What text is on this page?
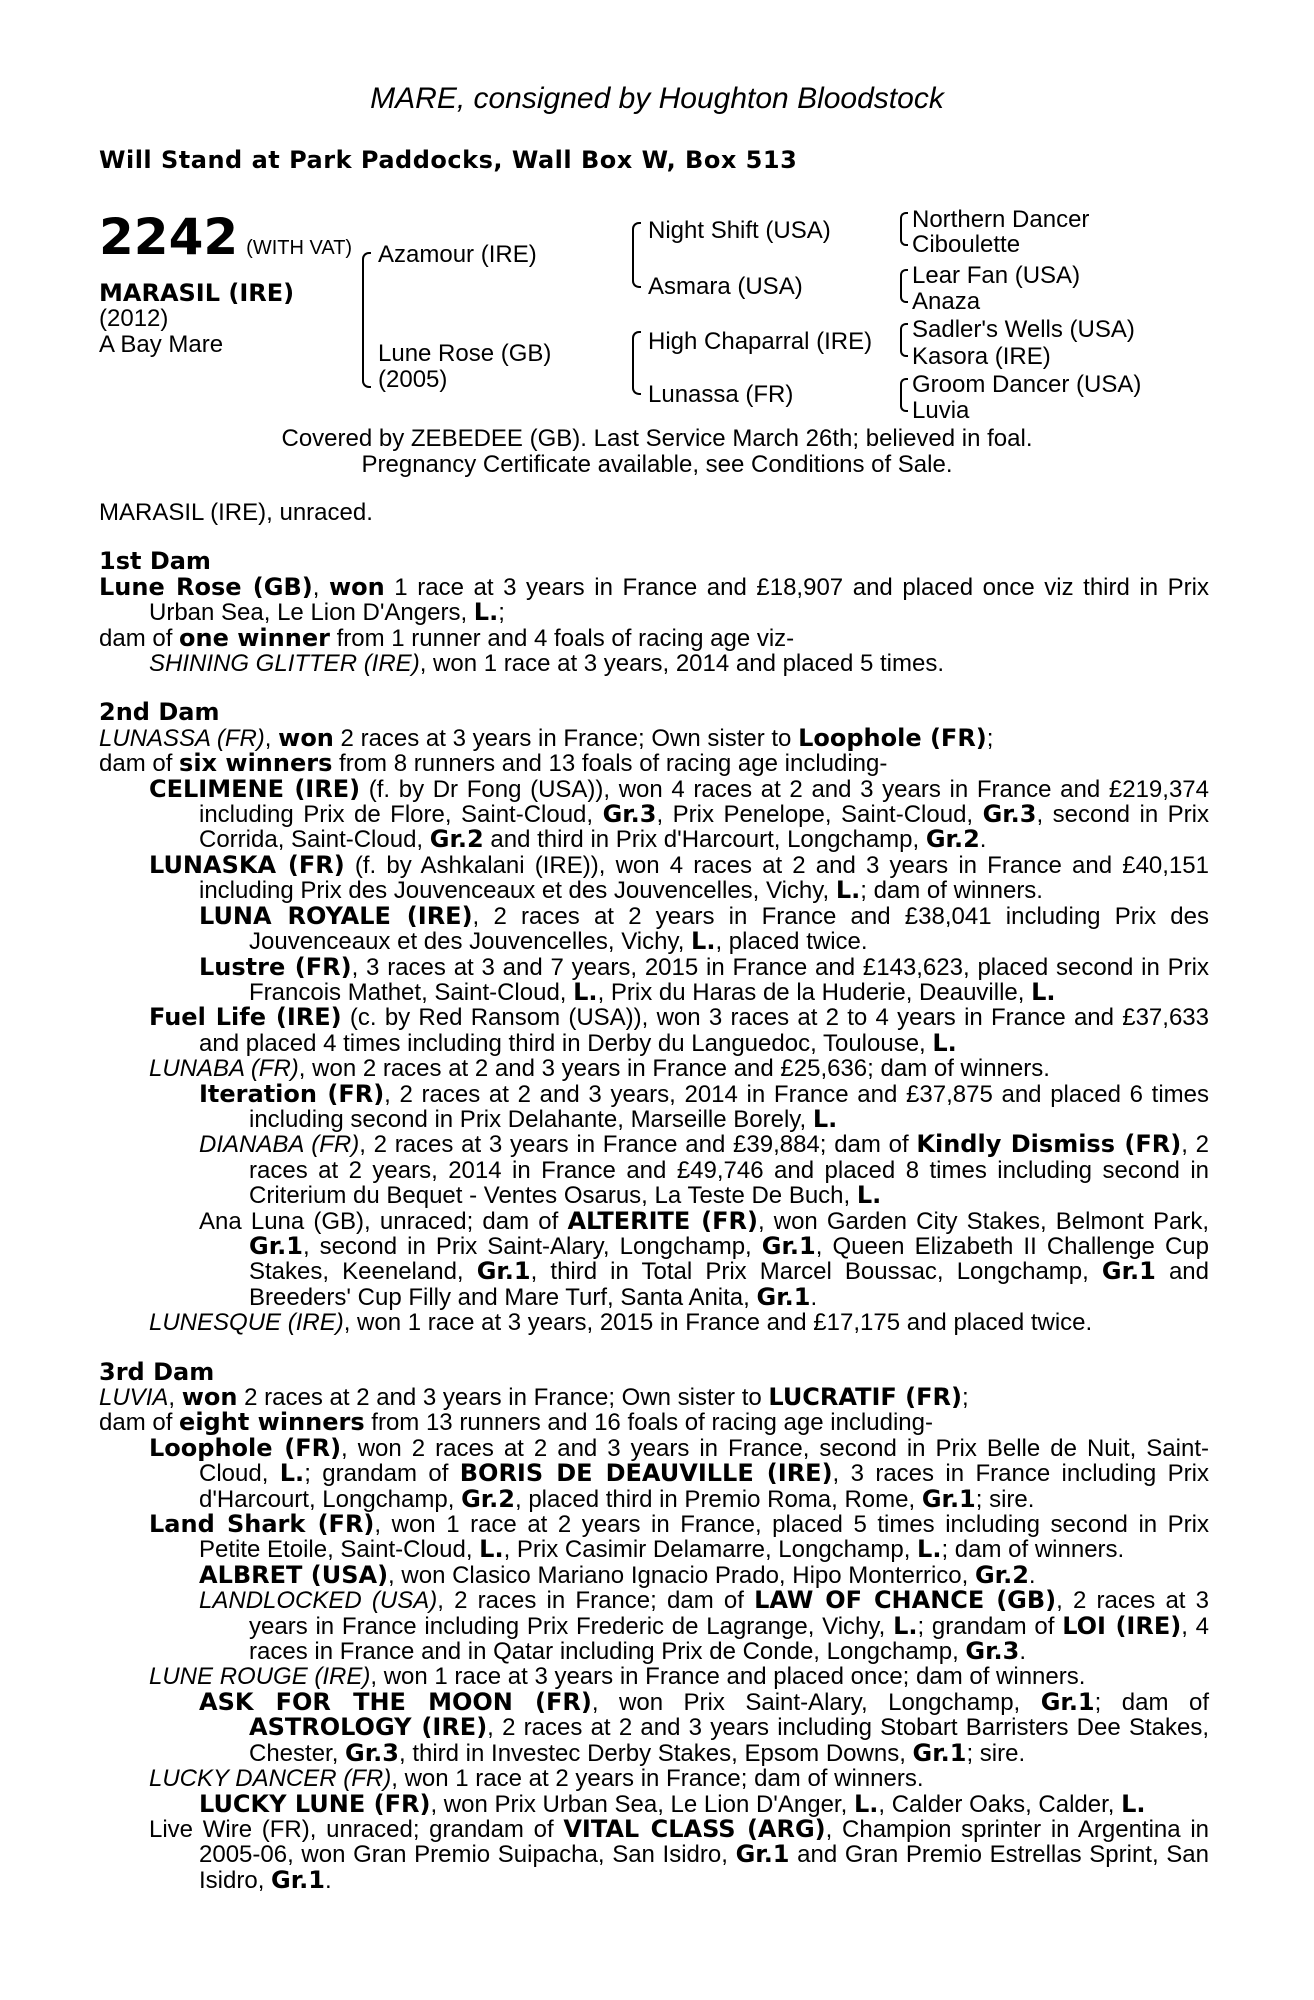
MARE, consigned by Houghton Bloodstock
Will Stand at Park Paddocks, Wall Box W, Box 513
2242 (WITH VAT)
MARASIL (IRE)
(2012)
A Bay Mare
Azamour (IRE)
Lune Rose (GB)
(2005)
Night Shift (USA)
Asmara (USA)
High Chaparral (IRE)
Lunassa (FR)
Northern Dancer
Ciboulette
Lear Fan (USA)
Anaza
Sadler's Wells (USA)
Kasora (IRE)
Groom Dancer (USA)
Luvia
Covered by ZEBEDEE (GB). Last Service March 26th; believed in foal.
Pregnancy Certificate available, see Conditions of Sale.

MARASIL (IRE), unraced.

1st Dam

Lune Rose (GB), won 1 race at 3 years in France and £18,907 and placed once viz third in Prix Urban Sea, Le Lion D'Angers, L.;

dam of one winner from 1 runner and 4 foals of racing age viz-

SHINING GLITTER (IRE), won 1 race at 3 years, 2014 and placed 5 times.

2nd Dam

LUNASSA (FR), won 2 races at 3 years in France; Own sister to Loophole (FR);

dam of six winners from 8 runners and 13 foals of racing age including-

CELIMENE (IRE) (f. by Dr Fong (USA)), won 4 races at 2 and 3 years in France and £219,374 including Prix de Flore, Saint-Cloud, Gr.3, Prix Penelope, Saint-Cloud, Gr.3, second in Prix Corrida, Saint-Cloud, Gr.2 and third in Prix d'Harcourt, Longchamp, Gr.2.

LUNASKA (FR) (f. by Ashkalani (IRE)), won 4 races at 2 and 3 years in France and £40,151 including Prix des Jouvenceaux et des Jouvencelles, Vichy, L.; dam of winners.

LUNA ROYALE (IRE), 2 races at 2 years in France and £38,041 including Prix des Jouvenceaux et des Jouvencelles, Vichy, L., placed twice.

Lustre (FR), 3 races at 3 and 7 years, 2015 in France and £143,623, placed second in Prix Francois Mathet, Saint-Cloud, L., Prix du Haras de la Huderie, Deauville, L.

Fuel Life (IRE) (c. by Red Ransom (USA)), won 3 races at 2 to 4 years in France and £37,633 and placed 4 times including third in Derby du Languedoc, Toulouse, L.

LUNABA (FR), won 2 races at 2 and 3 years in France and £25,636; dam of winners.

Iteration (FR), 2 races at 2 and 3 years, 2014 in France and £37,875 and placed 6 times including second in Prix Delahante, Marseille Borely, L.

DIANABA (FR), 2 races at 3 years in France and £39,884; dam of Kindly Dismiss (FR), 2 races at 2 years, 2014 in France and £49,746 and placed 8 times including second in Criterium du Bequet - Ventes Osarus, La Teste De Buch, L.

Ana Luna (GB), unraced; dam of ALTERITE (FR), won Garden City Stakes, Belmont Park, Gr.1, second in Prix Saint-Alary, Longchamp, Gr.1, Queen Elizabeth II Challenge Cup Stakes, Keeneland, Gr.1, third in Total Prix Marcel Boussac, Longchamp, Gr.1 and Breeders' Cup Filly and Mare Turf, Santa Anita, Gr.1.

LUNESQUE (IRE), won 1 race at 3 years, 2015 in France and £17,175 and placed twice.

3rd Dam

LUVIA, won 2 races at 2 and 3 years in France; Own sister to LUCRATIF (FR);

dam of eight winners from 13 runners and 16 foals of racing age including-

Loophole (FR), won 2 races at 2 and 3 years in France, second in Prix Belle de Nuit, Saint-Cloud, L.; grandam of BORIS DE DEAUVILLE (IRE), 3 races in France including Prix d'Harcourt, Longchamp, Gr.2, placed third in Premio Roma, Rome, Gr.1; sire.

Land Shark (FR), won 1 race at 2 years in France, placed 5 times including second in Prix Petite Etoile, Saint-Cloud, L., Prix Casimir Delamarre, Longchamp, L.; dam of winners.

ALBRET (USA), won Clasico Mariano Ignacio Prado, Hipo Monterrico, Gr.2.

LANDLOCKED (USA), 2 races in France; dam of LAW OF CHANCE (GB), 2 races at 3 years in France including Prix Frederic de Lagrange, Vichy, L.; grandam of LOI (IRE), 4 races in France and in Qatar including Prix de Conde, Longchamp, Gr.3.

LUNE ROUGE (IRE), won 1 race at 3 years in France and placed once; dam of winners.

ASK FOR THE MOON (FR), won Prix Saint-Alary, Longchamp, Gr.1; dam of ASTROLOGY (IRE), 2 races at 2 and 3 years including Stobart Barristers Dee Stakes, Chester, Gr.3, third in Investec Derby Stakes, Epsom Downs, Gr.1; sire.

LUCKY DANCER (FR), won 1 race at 2 years in France; dam of winners.

LUCKY LUNE (FR), won Prix Urban Sea, Le Lion D'Anger, L., Calder Oaks, Calder, L.

Live Wire (FR), unraced; grandam of VITAL CLASS (ARG), Champion sprinter in Argentina in 2005-06, won Gran Premio Suipacha, San Isidro, Gr.1 and Gran Premio Estrellas Sprint, San Isidro, Gr.1.
